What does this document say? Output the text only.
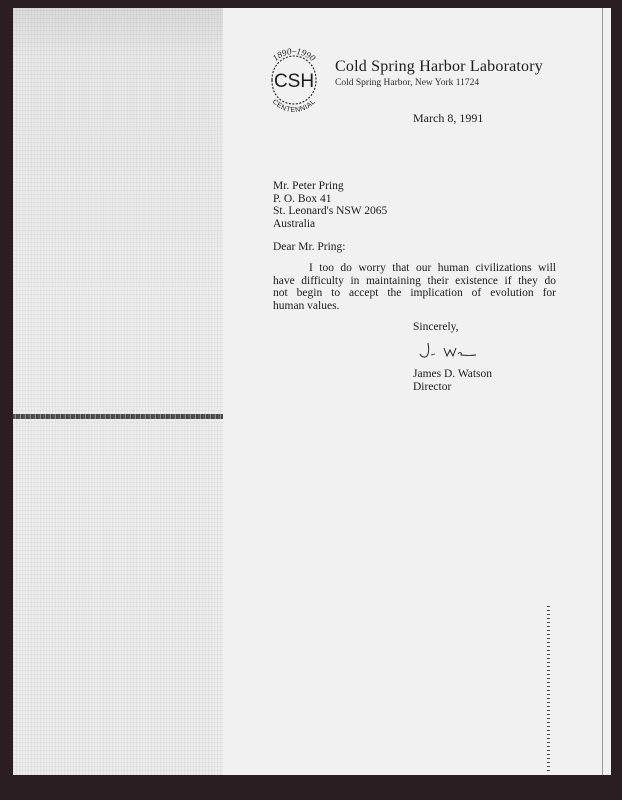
1890–1990
CSH
CENTENNIAL
Cold Spring Harbor Laboratory
Cold Spring Harbor, New York 11724
March 8, 1991
Mr. Peter Pring
P. O. Box 41
St. Leonard's NSW 2065
Australia
Dear Mr. Pring:
I too do worry that our human civilizations will
have difficulty in maintaining their existence if they do
not begin to accept the implication of evolution for
human values.
Sincerely,
James D. Watson
Director
